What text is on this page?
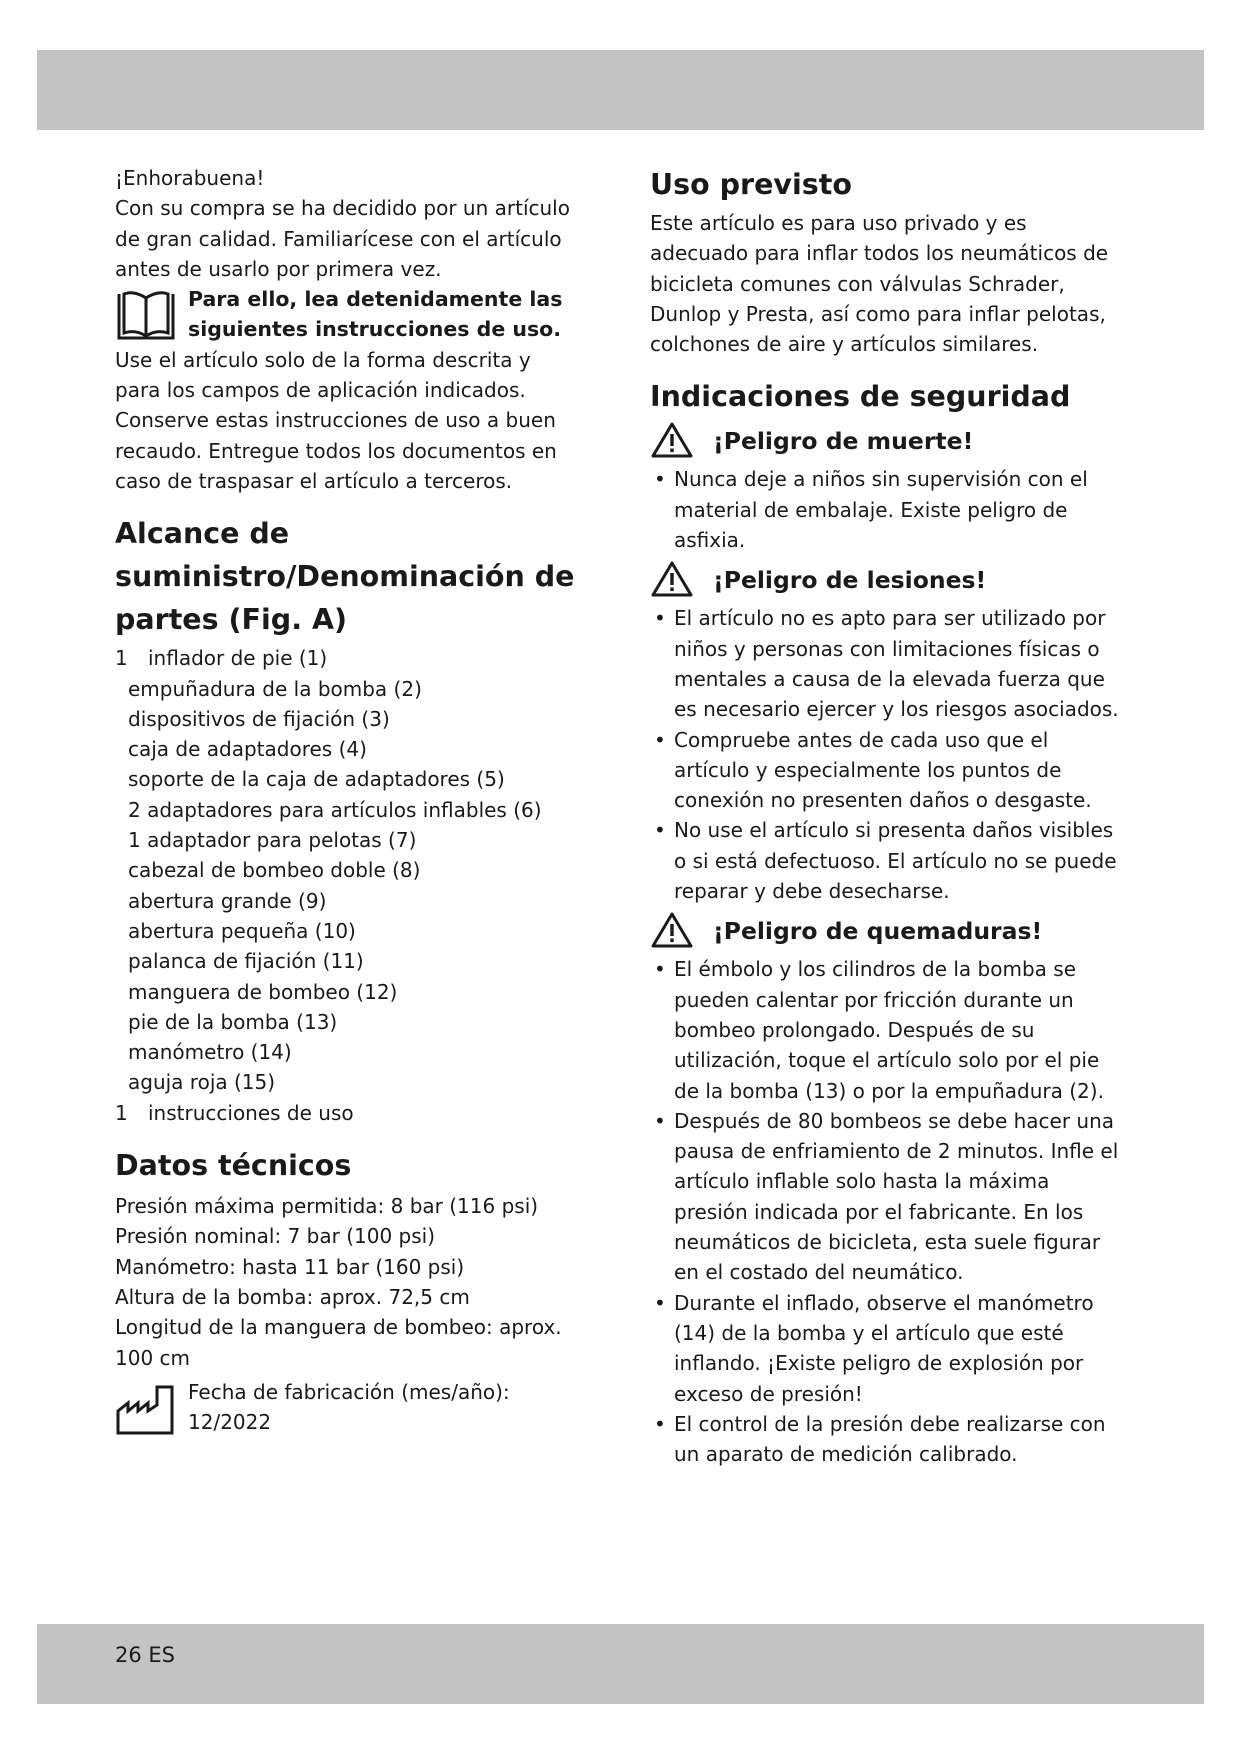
¡Enhorabuena!

Con su compra se ha decidido por un artículo de gran calidad. Familiarícese con el artículo antes de usarlo por primera vez.

Para ello, lea detenidamente las siguientes instrucciones de uso.

Use el artículo solo de la forma descrita y para los campos de aplicación indicados. Conserve estas instrucciones de uso a buen recaudo. Entregue todos los documentos en caso de traspasar el artículo a terceros.

Alcance de suministro/Denominación de partes (Fig. A)
1 inflador de pie (1)
empuñadura de la bomba (2)
dispositivos de fijación (3)
caja de adaptadores (4)
soporte de la caja de adaptadores (5)
2 adaptadores para artículos inflables (6)
1 adaptador para pelotas (7)
cabezal de bombeo doble (8)
abertura grande (9)
abertura pequeña (10)
palanca de fijación (11)
manguera de bombeo (12)
pie de la bomba (13)
manómetro (14)
aguja roja (15)
1 instrucciones de uso
Datos técnicos

Presión máxima permitida: 8 bar (116 psi)

Presión nominal: 7 bar (100 psi)

Manómetro: hasta 11 bar (160 psi)

Altura de la bomba: aprox. 72,5 cm

Longitud de la manguera de bombeo: aprox. 100 cm

Fecha de fabricación (mes/año):
12/2022
Uso previsto

Este artículo es para uso privado y es adecuado para inflar todos los neumáticos de bicicleta comunes con válvulas Schrader, Dunlop y Presta, así como para inflar pelotas, colchones de aire y artículos similares.

Indicaciones de seguridad
¡Peligro de muerte!
• Nunca deje a niños sin supervisión con el material de embalaje. Existe peligro de asfixia.
¡Peligro de lesiones!
• El artículo no es apto para ser utilizado por niños y personas con limitaciones físicas o mentales a causa de la elevada fuerza que es necesario ejercer y los riesgos asociados.
• Compruebe antes de cada uso que el artículo y especialmente los puntos de conexión no presenten daños o desgaste.
• No use el artículo si presenta daños visibles o si está defectuoso. El artículo no se puede reparar y debe desecharse.
¡Peligro de quemaduras!
• El émbolo y los cilindros de la bomba se pueden calentar por fricción durante un bombeo prolongado. Después de su utilización, toque el artículo solo por el pie de la bomba (13) o por la empuñadura (2).
• Después de 80 bombeos se debe hacer una pausa de enfriamiento de 2 minutos. Infle el artículo inflable solo hasta la máxima presión indicada por el fabricante. En los neumáticos de bicicleta, esta suele figurar en el costado del neumático.
• Durante el inflado, observe el manómetro (14) de la bomba y el artículo que esté inflando. ¡Existe peligro de explosión por exceso de presión!
• El control de la presión debe realizarse con un aparato de medición calibrado.
26 ES
